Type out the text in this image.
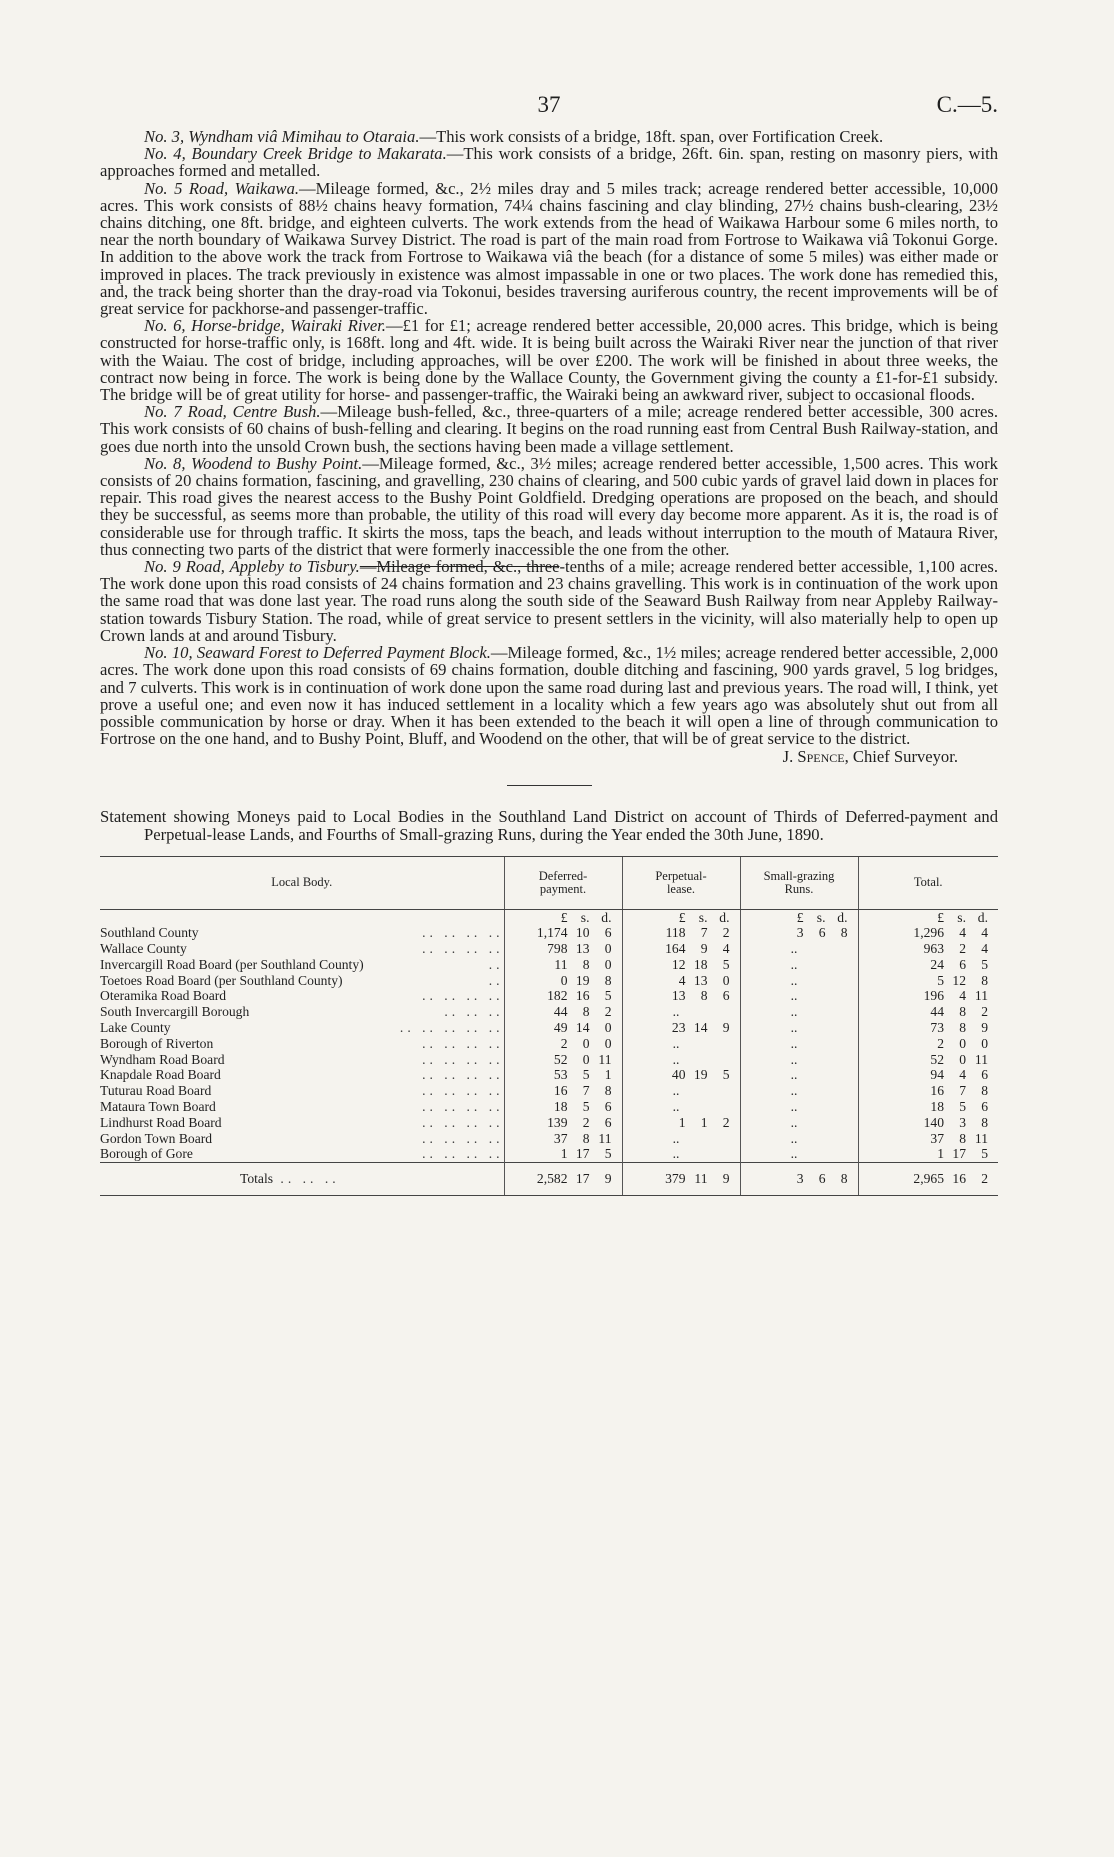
37	C.—5.

No. 3, Wyndham viâ Mimihau to Otaraia.—This work consists of a bridge, 18ft. span, over Fortification Creek.

No. 4, Boundary Creek Bridge to Makarata.—This work consists of a bridge, 26ft. 6in. span, resting on masonry piers, with approaches formed and metalled.

No. 5 Road, Waikawa.—Mileage formed, &c., 2½ miles dray and 5 miles track; acreage rendered better accessible, 10,000 acres. This work consists of 88½ chains heavy formation, 74¼ chains fascining and clay blinding, 27½ chains bush-clearing, 23½ chains ditching, one 8ft. bridge, and eighteen culverts. The work extends from the head of Waikawa Harbour some 6 miles north, to near the north boundary of Waikawa Survey District. The road is part of the main road from Fortrose to Waikawa viâ Tokonui Gorge. In addition to the above work the track from Fortrose to Waikawa viâ the beach (for a distance of some 5 miles) was either made or improved in places. The track previously in existence was almost impassable in one or two places. The work done has remedied this, and, the track being shorter than the dray-road via Tokonui, besides traversing auriferous country, the recent improvements will be of great service for packhorse-and passenger-traffic.

No. 6, Horse-bridge, Wairaki River.—£1 for £1; acreage rendered better accessible, 20,000 acres. This bridge, which is being constructed for horse-traffic only, is 168ft. long and 4ft. wide. It is being built across the Wairaki River near the junction of that river with the Waiau. The cost of bridge, including approaches, will be over £200. The work will be finished in about three weeks, the contract now being in force. The work is being done by the Wallace County, the Government giving the county a £1-for-£1 subsidy. The bridge will be of great utility for horse- and passenger-traffic, the Wairaki being an awkward river, subject to occasional floods.

No. 7 Road, Centre Bush.—Mileage bush-felled, &c., three-quarters of a mile; acreage rendered better accessible, 300 acres. This work consists of 60 chains of bush-felling and clearing. It begins on the road running east from Central Bush Railway-station, and goes due north into the unsold Crown bush, the sections having been made a village settlement.

No. 8, Woodend to Bushy Point.—Mileage formed, &c., 3½ miles; acreage rendered better accessible, 1,500 acres. This work consists of 20 chains formation, fascining, and gravelling, 230 chains of clearing, and 500 cubic yards of gravel laid down in places for repair. This road gives the nearest access to the Bushy Point Goldfield. Dredging operations are proposed on the beach, and should they be successful, as seems more than probable, the utility of this road will every day become more apparent. As it is, the road is of considerable use for through traffic. It skirts the moss, taps the beach, and leads without interruption to the mouth of Mataura River, thus connecting two parts of the district that were formerly inaccessible the one from the other.

No. 9 Road, Appleby to Tisbury.—Mileage formed, &c., three-tenths of a mile; acreage rendered better accessible, 1,100 acres. The work done upon this road consists of 24 chains formation and 23 chains gravelling. This work is in continuation of the work upon the same road that was done last year. The road runs along the south side of the Seaward Bush Railway from near Appleby Railway-station towards Tisbury Station. The road, while of great service to present settlers in the vicinity, will also materially help to open up Crown lands at and around Tisbury.

No. 10, Seaward Forest to Deferred Payment Block.—Mileage formed, &c., 1½ miles; acreage rendered better accessible, 2,000 acres. The work done upon this road consists of 69 chains formation, double ditching and fascining, 900 yards gravel, 5 log bridges, and 7 culverts. This work is in continuation of work done upon the same road during last and previous years. The road will, I think, yet prove a useful one; and even now it has induced settlement in a locality which a few years ago was absolutely shut out from all possible communication by horse or dray. When it has been extended to the beach it will open a line of through communication to Fortrose on the one hand, and to Bushy Point, Bluff, and Woodend on the other, that will be of great service to the district.

J. Spence, Chief Surveyor.
Statement showing Moneys paid to Local Bodies in the Southland Land District on account of Thirds of Deferred-payment and Perpetual-lease Lands, and Fourths of Small-grazing Runs, during the Year ended the 30th June, 1890.
Local Body.	Deferred-payment.	Perpetual-lease.	Small-grazing Runs.	Total.

	£ s. d.	£ s. d.	£ s. d.	£ s. d.

Southland County	.. .. .. ..	1,174 10 6	118 7 2	3 6 8	1,296 4 4

Wallace County	.. .. .. ..	798 13 0	164 9 4	..	963 2 4

Invercargill Road Board (per Southland County)	..	11 8 0	12 18 5	..	24 6 5

Toetoes Road Board (per Southland County)	..	0 19 8	4 13 0	..	5 12 8

Oteramika Road Board	.. .. .. ..	182 16 5	13 8 6	..	196 4 11

South Invercargill Borough	.. .. ..	44 8 2	..	..	44 8 2

Lake County	.. .. .. .. ..	49 14 0	23 14 9	..	73 8 9

Borough of Riverton	.. .. .. ..	2 0 0	..	..	2 0 0

Wyndham Road Board	.. .. .. ..	52 0 11	..	..	52 0 11

Knapdale Road Board	.. .. .. ..	53 5 1	40 19 5	..	94 4 6

Tuturau Road Board	.. .. .. ..	16 7 8	..	..	16 7 8

Mataura Town Board	.. .. .. ..	18 5 6	..	..	18 5 6

Lindhurst Road Board	.. .. .. ..	139 2 6	1 1 2	..	140 3 8

Gordon Town Board	.. .. .. ..	37 8 11	..	..	37 8 11

Borough of Gore	.. .. .. ..	1 17 5	..	..	1 17 5

Totals .. .. ..	2,582 17 9	379 11 9	3 6 8	2,965 16 2
